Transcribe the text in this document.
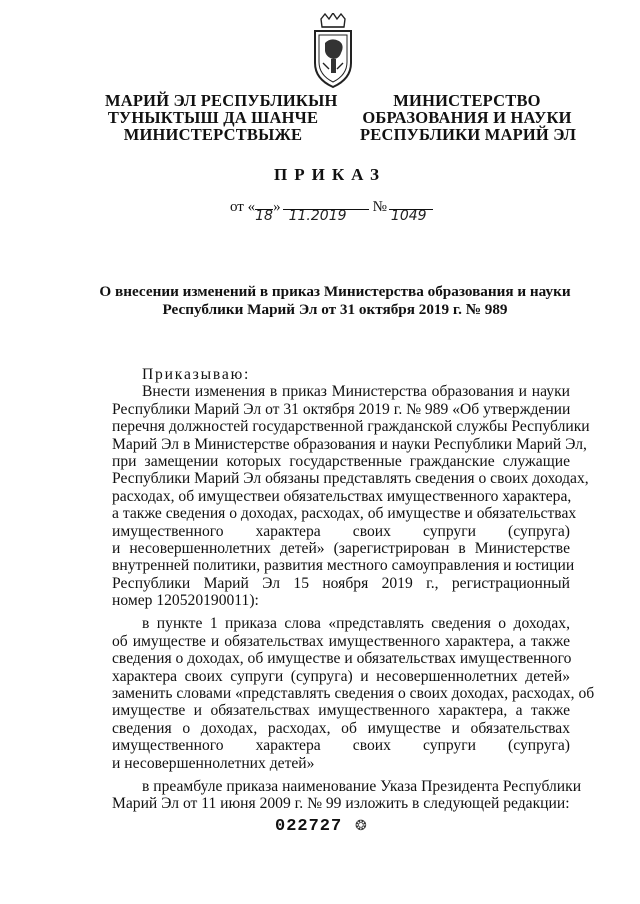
МАРИЙ ЭЛ РЕСПУБЛИКЫН
ТУНЫКТЫШ ДА ШАНЧЕ
МИНИСТЕРСТВЫЖЕ
МИНИСТЕРСТВО
ОБРАЗОВАНИЯ И НАУКИ
РЕСПУБЛИКИ МАРИЙ ЭЛ
ПРИКАЗ
от «
18
»
11.2019
№
1049
О внесении изменений в приказ Министерства образования и науки
Республики Марий Эл от 31 октября 2019 г. № 989
Приказываю:
Внести изменения в приказ Министерства образования и науки
Республики Марий Эл от 31 октября 2019 г. № 989 «Об утверждении
перечня должностей государственной гражданской службы Республики
Марий Эл в Министерстве образования и науки Республики Марий Эл,
при замещении которых государственные гражданские служащие
Республики Марий Эл обязаны представлять сведения о своих доходах,
расходах, об имуществеи обязательствах имущественного характера,
а также сведения о доходах, расходах, об имуществе и обязательствах
имущественного характера своих супруги (супруга)
и несовершеннолетних детей» (зарегистрирован в Министерстве
внутренней политики, развития местного самоуправления и юстиции
Республики Марий Эл 15 ноября 2019 г., регистрационный
номер 120520190011):
в пункте 1 приказа слова «представлять сведения о доходах,
об имуществе и обязательствах имущественного характера, а также
сведения о доходах, об имуществе и обязательствах имущественного
характера своих супруги (супруга) и несовершеннолетних детей»
заменить словами «представлять сведения о своих доходах, расходах, об
имуществе и обязательствах имущественного характера, а также
сведения о доходах, расходах, об имуществе и обязательствах
имущественного характера своих супруги (супруга)
и несовершеннолетних детей»
в преамбуле приказа наименование Указа Президента Республики
Марий Эл от 11 июня 2009 г. № 99 изложить в следующей редакции:
022727 ❂
